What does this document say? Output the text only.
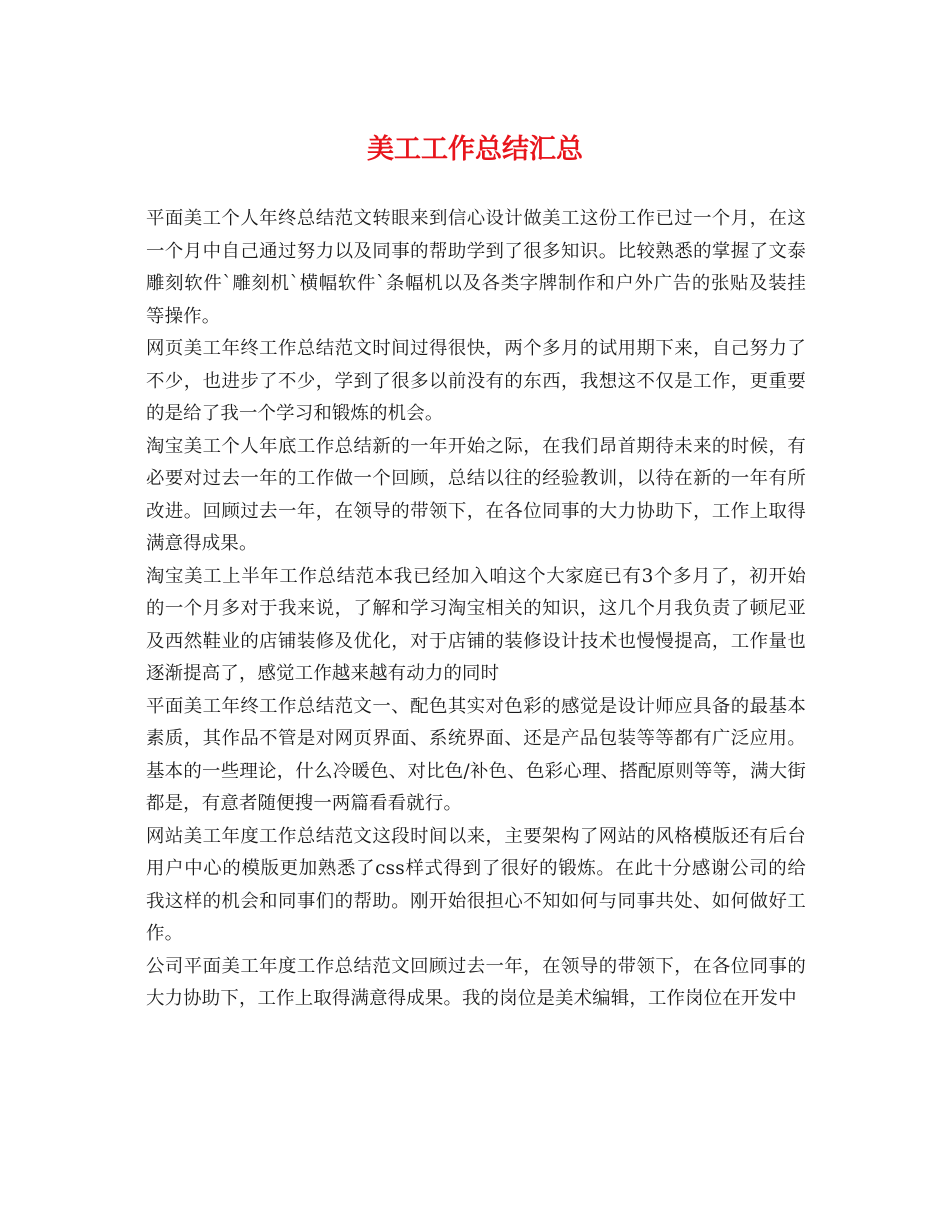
美工工作总结汇总

平面美工个人年终总结范文转眼来到信心设计做美工这份工作已过一个月，在这一个月中自己通过努力以及同事的帮助学到了很多知识。比较熟悉的掌握了文泰雕刻软件`雕刻机`横幅软件`条幅机以及各类字牌制作和户外广告的张贴及装挂等操作。

网页美工年终工作总结范文时间过得很快，两个多月的试用期下来，自己努力了不少，也进步了不少，学到了很多以前没有的东西，我想这不仅是工作，更重要的是给了我一个学习和锻炼的机会。

淘宝美工个人年底工作总结新的一年开始之际，在我们昂首期待未来的时候，有必要对过去一年的工作做一个回顾，总结以往的经验教训，以待在新的一年有所改进。回顾过去一年，在领导的带领下，在各位同事的大力协助下，工作上取得满意得成果。

淘宝美工上半年工作总结范本我已经加入咱这个大家庭已有3个多月了，初开始的一个月多对于我来说，了解和学习淘宝相关的知识，这几个月我负责了顿尼亚及西然鞋业的店铺装修及优化，对于店铺的装修设计技术也慢慢提高，工作量也逐渐提高了，感觉工作越来越有动力的同时

平面美工年终工作总结范文一、配色其实对色彩的感觉是设计师应具备的最基本素质，其作品不管是对网页界面、系统界面、还是产品包装等等都有广泛应用。基本的一些理论，什么冷暖色、对比色/补色、色彩心理、搭配原则等等，满大街都是，有意者随便搜一两篇看看就行。

网站美工年度工作总结范文这段时间以来，主要架构了网站的风格模版还有后台用户中心的模版更加熟悉了css样式得到了很好的锻炼。在此十分感谢公司的给我这样的机会和同事们的帮助。刚开始很担心不知如何与同事共处、如何做好工作。

公司平面美工年度工作总结范文回顾过去一年，在领导的带领下，在各位同事的大力协助下，工作上取得满意得成果。我的岗位是美术编辑，工作岗位在开发中
